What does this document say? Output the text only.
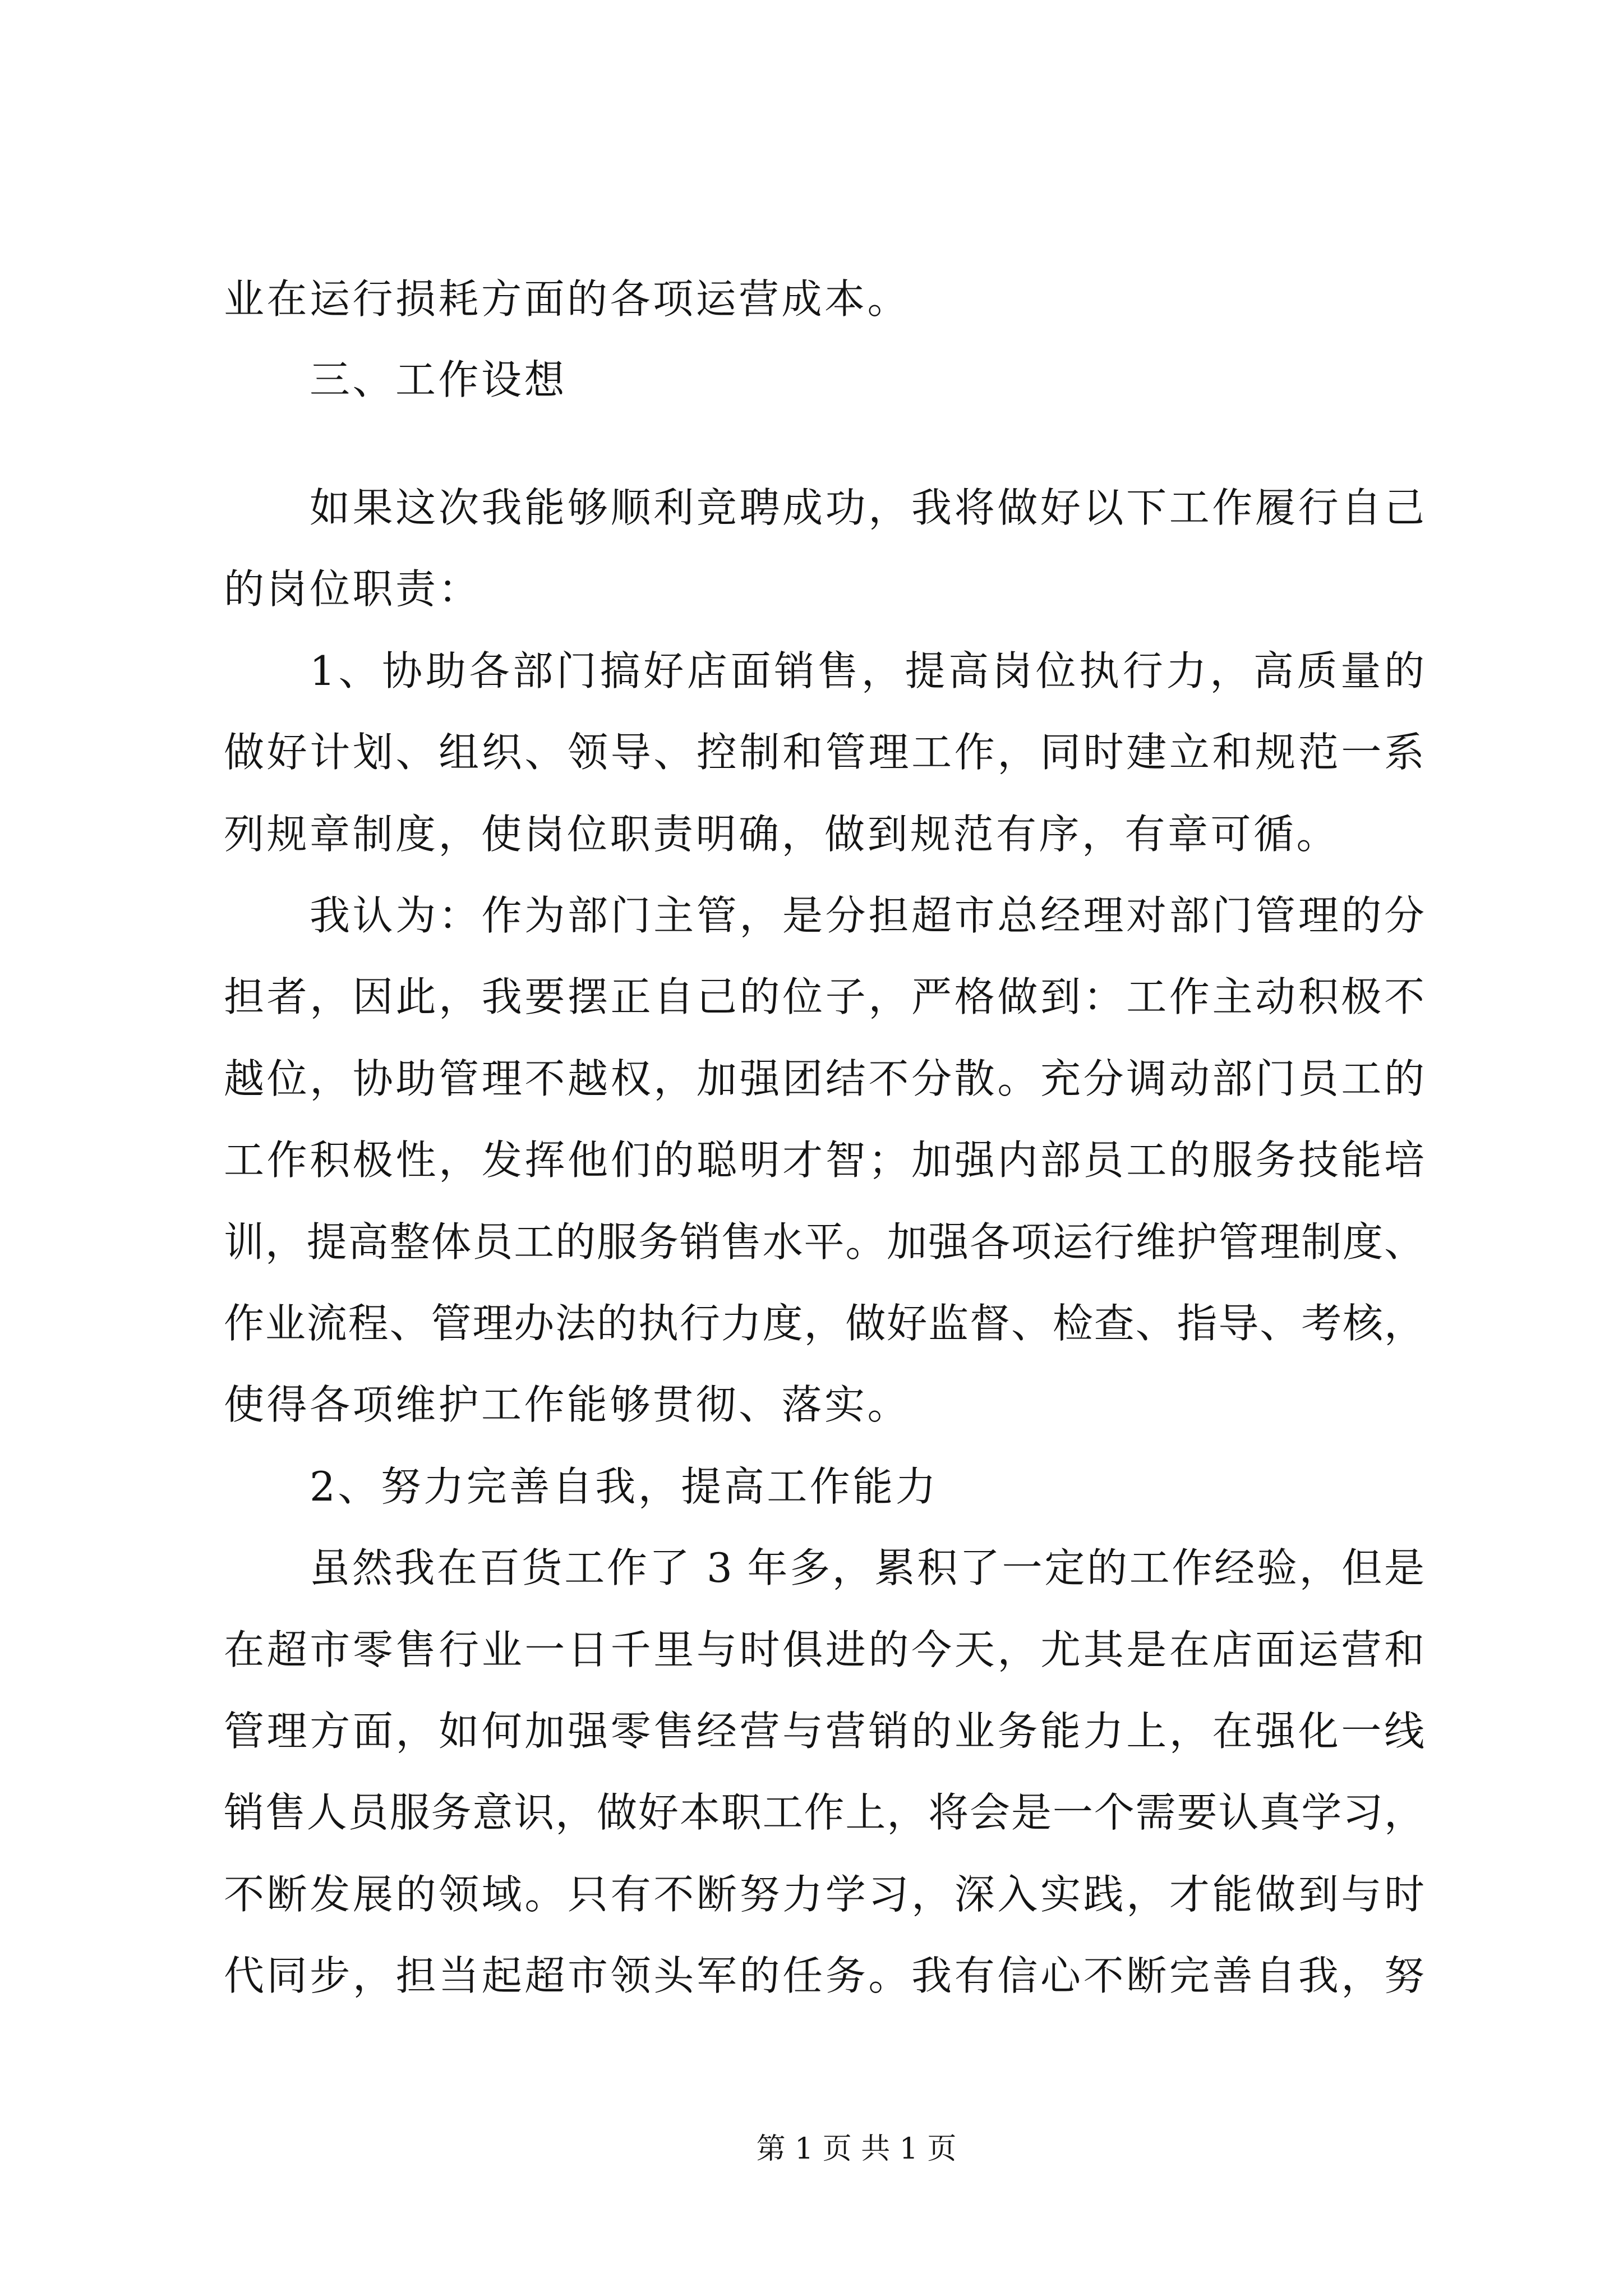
业在运行损耗方面的各项运营成本。
三、工作设想
如果这次我能够顺利竞聘成功，我将做好以下工作履行自己
的岗位职责：
1、协助各部门搞好店面销售，提高岗位执行力，高质量的
做好计划、组织、领导、控制和管理工作，同时建立和规范一系
列规章制度，使岗位职责明确，做到规范有序，有章可循。
我认为：作为部门主管，是分担超市总经理对部门管理的分
担者，因此，我要摆正自己的位子，严格做到：工作主动积极不
越位，协助管理不越权，加强团结不分散。充分调动部门员工的
工作积极性，发挥他们的聪明才智；加强内部员工的服务技能培
训，提高整体员工的服务销售水平。加强各项运行维护管理制度、
作业流程、管理办法的执行力度，做好监督、检查、指导、考核，
使得各项维护工作能够贯彻、落实。
2、努力完善自我，提高工作能力
虽然我在百货工作了 3 年多，累积了一定的工作经验，但是
在超市零售行业一日千里与时俱进的今天，尤其是在店面运营和
管理方面，如何加强零售经营与营销的业务能力上，在强化一线
销售人员服务意识，做好本职工作上，将会是一个需要认真学习，
不断发展的领域。只有不断努力学习，深入实践，才能做到与时
代同步，担当起超市领头军的任务。我有信心不断完善自我，努
第 1 页 共 1 页
